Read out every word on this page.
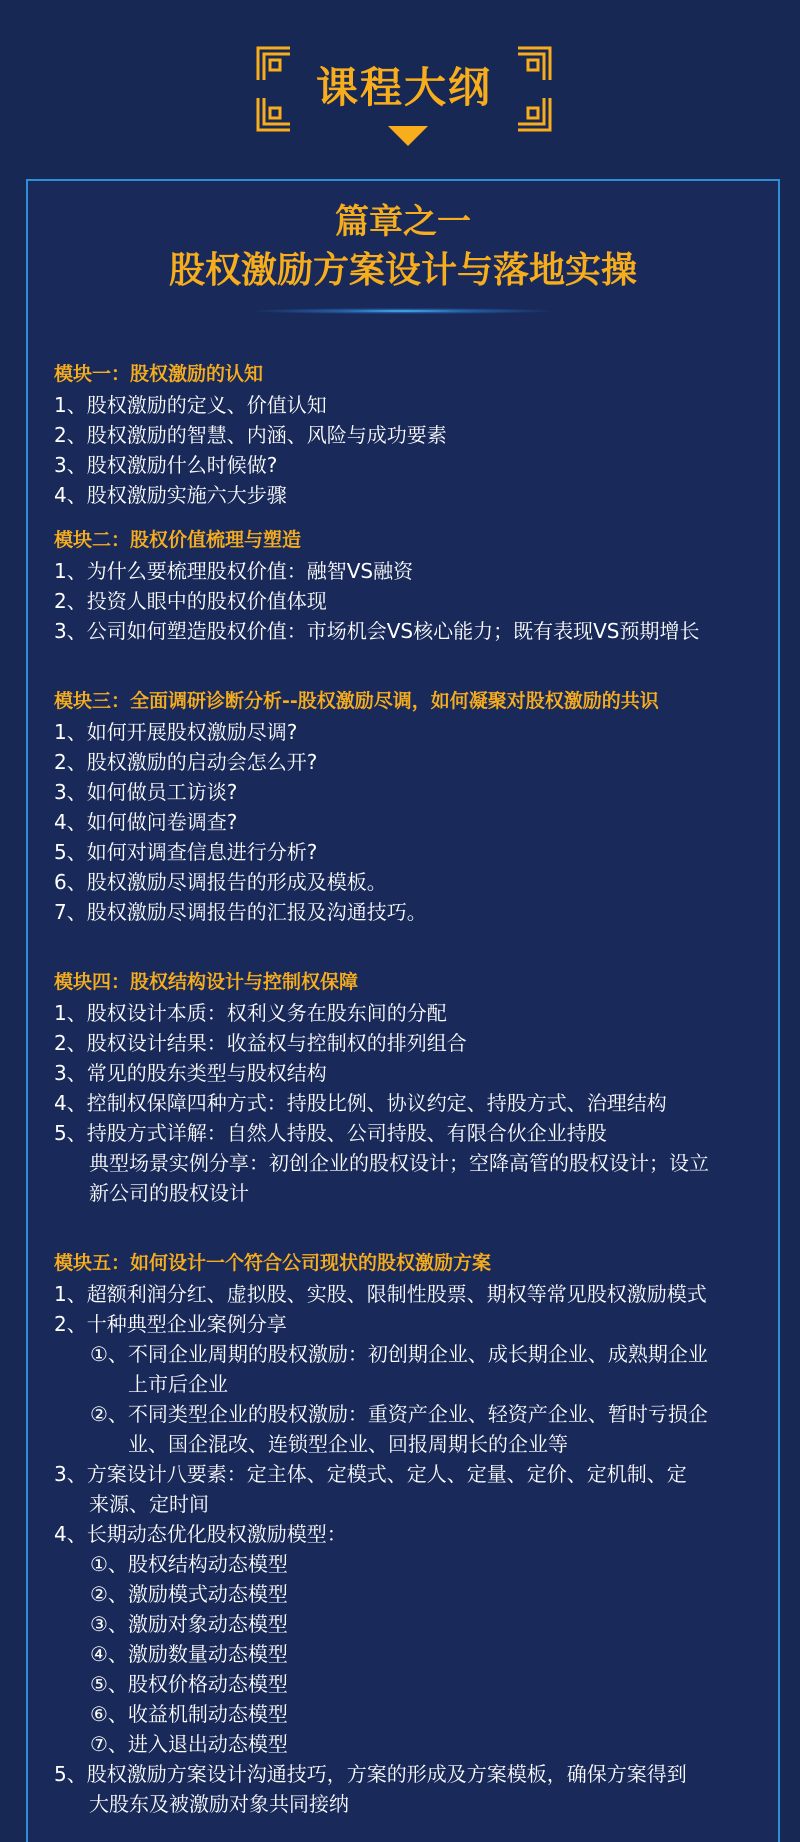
课程大纲
篇章之一
股权激励方案设计与落地实操
模块一：股权激励的认知
1、股权激励的定义、价值认知
2、股权激励的智慧、内涵、风险与成功要素
3、股权激励什么时候做?
4、股权激励实施六大步骤
模块二：股权价值梳理与塑造
1、为什么要梳理股权价值：融智VS融资
2、投资人眼中的股权价值体现
3、公司如何塑造股权价值：市场机会VS核心能力；既有表现VS预期增长
模块三：全面调研诊断分析--股权激励尽调，如何凝聚对股权激励的共识
1、如何开展股权激励尽调?
2、股权激励的启动会怎么开?
3、如何做员工访谈?
4、如何做问卷调查?
5、如何对调查信息进行分析?
6、股权激励尽调报告的形成及模板。
7、股权激励尽调报告的汇报及沟通技巧。
模块四：股权结构设计与控制权保障
1、股权设计本质：权利义务在股东间的分配
2、股权设计结果：收益权与控制权的排列组合
3、常见的股东类型与股权结构
4、控制权保障四种方式：持股比例、协议约定、持股方式、治理结构
5、持股方式详解：自然人持股、公司持股、有限合伙企业持股
典型场景实例分享：初创企业的股权设计；空降高管的股权设计；设立
新公司的股权设计
模块五：如何设计一个符合公司现状的股权激励方案
1、超额利润分红、虚拟股、实股、限制性股票、期权等常见股权激励模式
2、十种典型企业案例分享
①、不同企业周期的股权激励：初创期企业、成长期企业、成熟期企业
上市后企业
②、不同类型企业的股权激励：重资产企业、轻资产企业、暂时亏损企
业、国企混改、连锁型企业、回报周期长的企业等
3、方案设计八要素：定主体、定模式、定人、定量、定价、定机制、定
来源、定时间
4、长期动态优化股权激励模型：
①、股权结构动态模型
②、激励模式动态模型
③、激励对象动态模型
④、激励数量动态模型
⑤、股权价格动态模型
⑥、收益机制动态模型
⑦、进入退出动态模型
5、股权激励方案设计沟通技巧，方案的形成及方案模板，确保方案得到
大股东及被激励对象共同接纳
